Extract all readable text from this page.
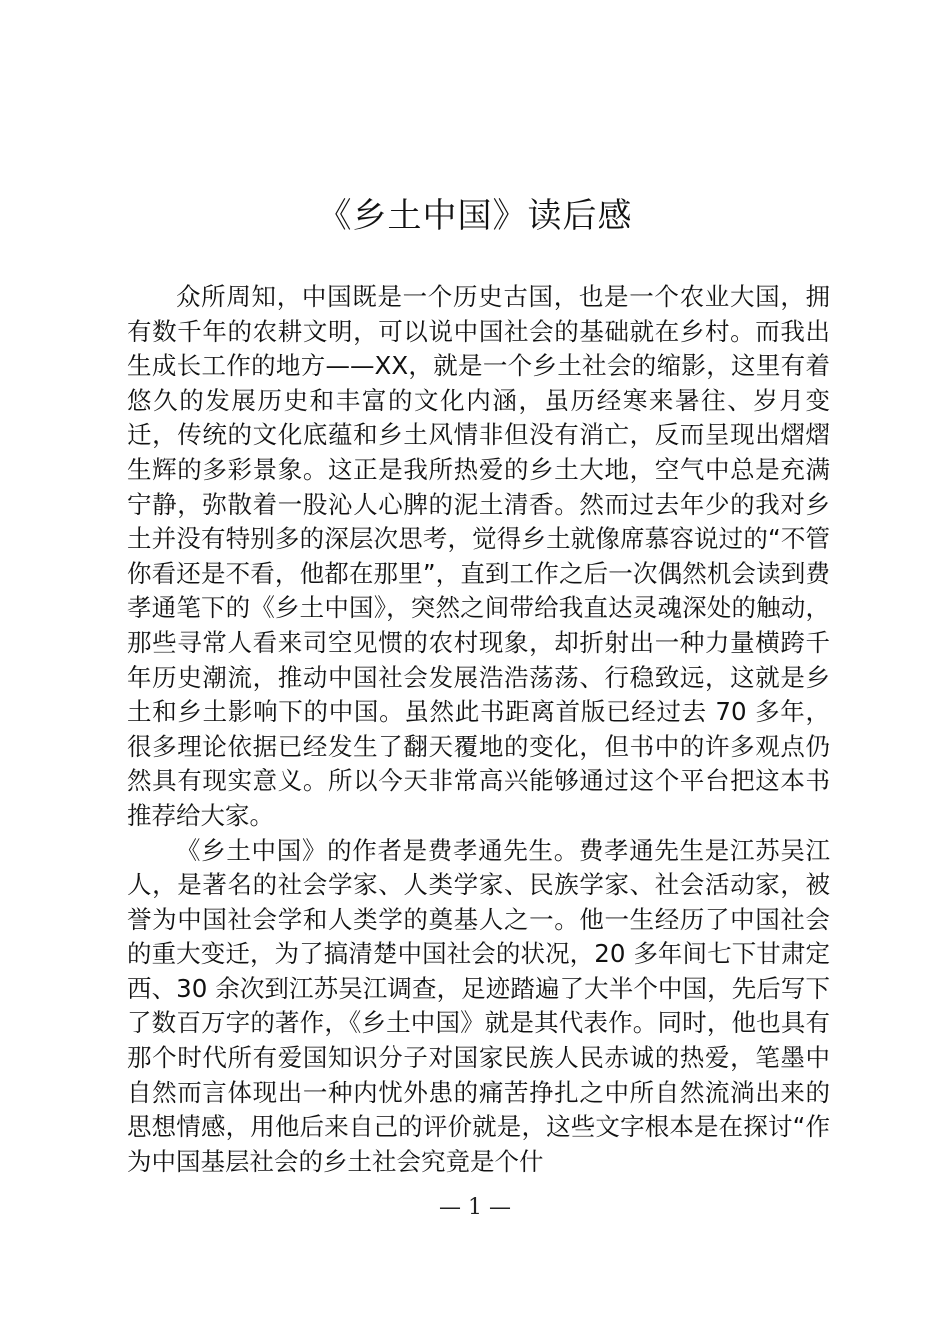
《乡土中国》读后感

众所周知，中国既是一个历史古国，也是一个农业大国，拥有数千年的农耕文明，可以说中国社会的基础就在乡村。而我出生成长工作的地方——XX，就是一个乡土社会的缩影，这里有着悠久的发展历史和丰富的文化内涵，虽历经寒来暑往、岁月变迁，传统的文化底蕴和乡土风情非但没有消亡，反而呈现出熠熠生辉的多彩景象。这正是我所热爱的乡土大地，空气中总是充满宁静，弥散着一股沁人心脾的泥土清香。然而过去年少的我对乡土并没有特别多的深层次思考，觉得乡土就像席慕容说过的“不管你看还是不看，他都在那里”，直到工作之后一次偶然机会读到费孝通笔下的《乡土中国》，突然之间带给我直达灵魂深处的触动，那些寻常人看来司空见惯的农村现象，却折射出一种力量横跨千年历史潮流，推动中国社会发展浩浩荡荡、行稳致远，这就是乡土和乡土影响下的中国。虽然此书距离首版已经过去 70 多年，很多理论依据已经发生了翻天覆地的变化，但书中的许多观点仍然具有现实意义。所以今天非常高兴能够通过这个平台把这本书推荐给大家。

《乡土中国》的作者是费孝通先生。费孝通先生是江苏吴江人，是著名的社会学家、人类学家、民族学家、社会活动家，被誉为中国社会学和人类学的奠基人之一。他一生经历了中国社会的重大变迁，为了搞清楚中国社会的状况，20 多年间七下甘肃定西、30 余次到江苏吴江调查，足迹踏遍了大半个中国，先后写下了数百万字的著作，《乡土中国》就是其代表作。同时，他也具有那个时代所有爱国知识分子对国家民族人民赤诚的热爱，笔墨中自然而言体现出一种内忧外患的痛苦挣扎之中所自然流淌出来的思想情感，用他后来自己的评价就是，这些文字根本是在探讨“作为中国基层社会的乡土社会究竟是个什

— 1 —
